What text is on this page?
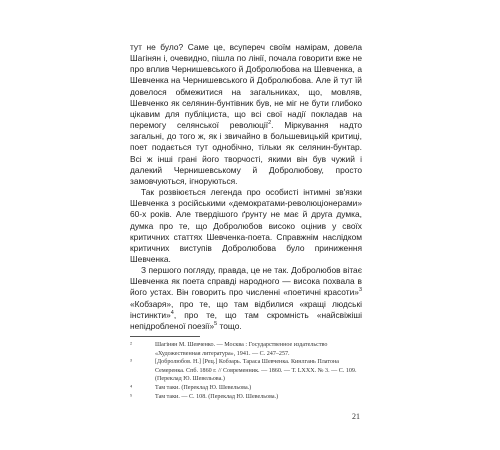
тут не було? Саме це, всупереч своїм намірам, довела Шагінян і, очевидно, пішла по лінії, почала говорити вже не про вплив Чернишевського й Добролюбова на Шевченка, а Шевченка на Чернишевського й Добролюбова. Але й тут їй довелося обмежитися на загальниках, що, мовляв, Шевченко як селянин-бунтівник був, не міг не бути глибоко цікавим для публіциста, що всі свої надії покладав на перемогу селянської революції$^2$. Міркування надто загальні, до того ж, як і звичайно в большевицькій критиці, поет подається тут однобічно, тільки як селянин-бунтар. Всі ж інші грані його творчості, якими він був чужий і далекий Чернишевському й Добролюбову, просто замовчуються, ігноруються.

Так розвіюється легенда про особисті інтимні зв'язки Шевченка з російськими «демократами-революціонерами» 60-х років. Але твердішого ґрунту не має й друга думка, думка про те, що Добролюбов високо оцінив у своїх критичних статтях Шевченка-поета. Справжнім наслідком критичних виступів Добролюбова було приниження Шевченка.

З першого погляду, правда, це не так. Добролюбов вітає Шевченка як поета справді народного — висока похвала в його устах. Він говорить про численні «поетичні красоти»$^3$ «Кобзаря», про те, що там відбилися «кращі людські інстинкти»$^4$, про те, що там скромність «найсвіжіші непідробленої поезії»$^5$ тощо.

²	Шагінян М. Шевченко. — Москва : Государственное издательство «Художественная литература», 1941. — С. 247–257.
³	[Добролюбов. Н.] [Рец.] Кобзарь. Тараса Шевченка. Кинлгань Платона Семеренка. Спб. 1860 г. // Современник. — 1860. — Т. LXXX. № 3. — С. 109. (Переклад Ю. Шевельова.)
⁴	Там таки. (Переклад Ю. Шевельова.)
⁵	Там таки. — С. 108. (Переклад Ю. Шевельова.)
21
